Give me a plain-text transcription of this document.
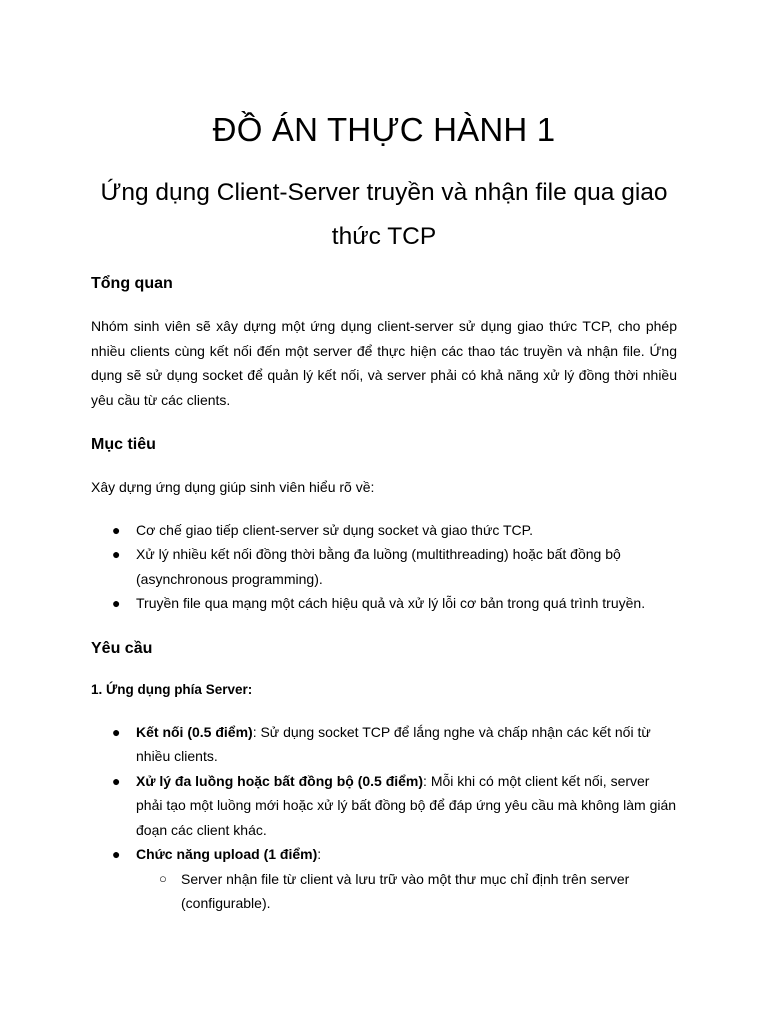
ĐỒ ÁN THỰC HÀNH 1
Ứng dụng Client-Server truyền và nhận file qua giao thức TCP
Tổng quan

Nhóm sinh viên sẽ xây dựng một ứng dụng client-server sử dụng giao thức TCP, cho phép nhiều clients cùng kết nối đến một server để thực hiện các thao tác truyền và nhận file. Ứng dụng sẽ sử dụng socket để quản lý kết nối, và server phải có khả năng xử lý đồng thời nhiều yêu cầu từ các clients.

Mục tiêu

Xây dựng ứng dụng giúp sinh viên hiểu rõ về:

● Cơ chế giao tiếp client-server sử dụng socket và giao thức TCP.
● Xử lý nhiều kết nối đồng thời bằng đa luồng (multithreading) hoặc bất đồng bộ (asynchronous programming).
● Truyền file qua mạng một cách hiệu quả và xử lý lỗi cơ bản trong quá trình truyền.
Yêu cầu
1. Ứng dụng phía Server:
● Kết nối (0.5 điểm): Sử dụng socket TCP để lắng nghe và chấp nhận các kết nối từ nhiều clients.
● Xử lý đa luồng hoặc bất đồng bộ (0.5 điểm): Mỗi khi có một client kết nối, server phải tạo một luồng mới hoặc xử lý bất đồng bộ để đáp ứng yêu cầu mà không làm gián đoạn các client khác.
● Chức năng upload (1 điểm):
○ Server nhận file từ client và lưu trữ vào một thư mục chỉ định trên server (configurable).
